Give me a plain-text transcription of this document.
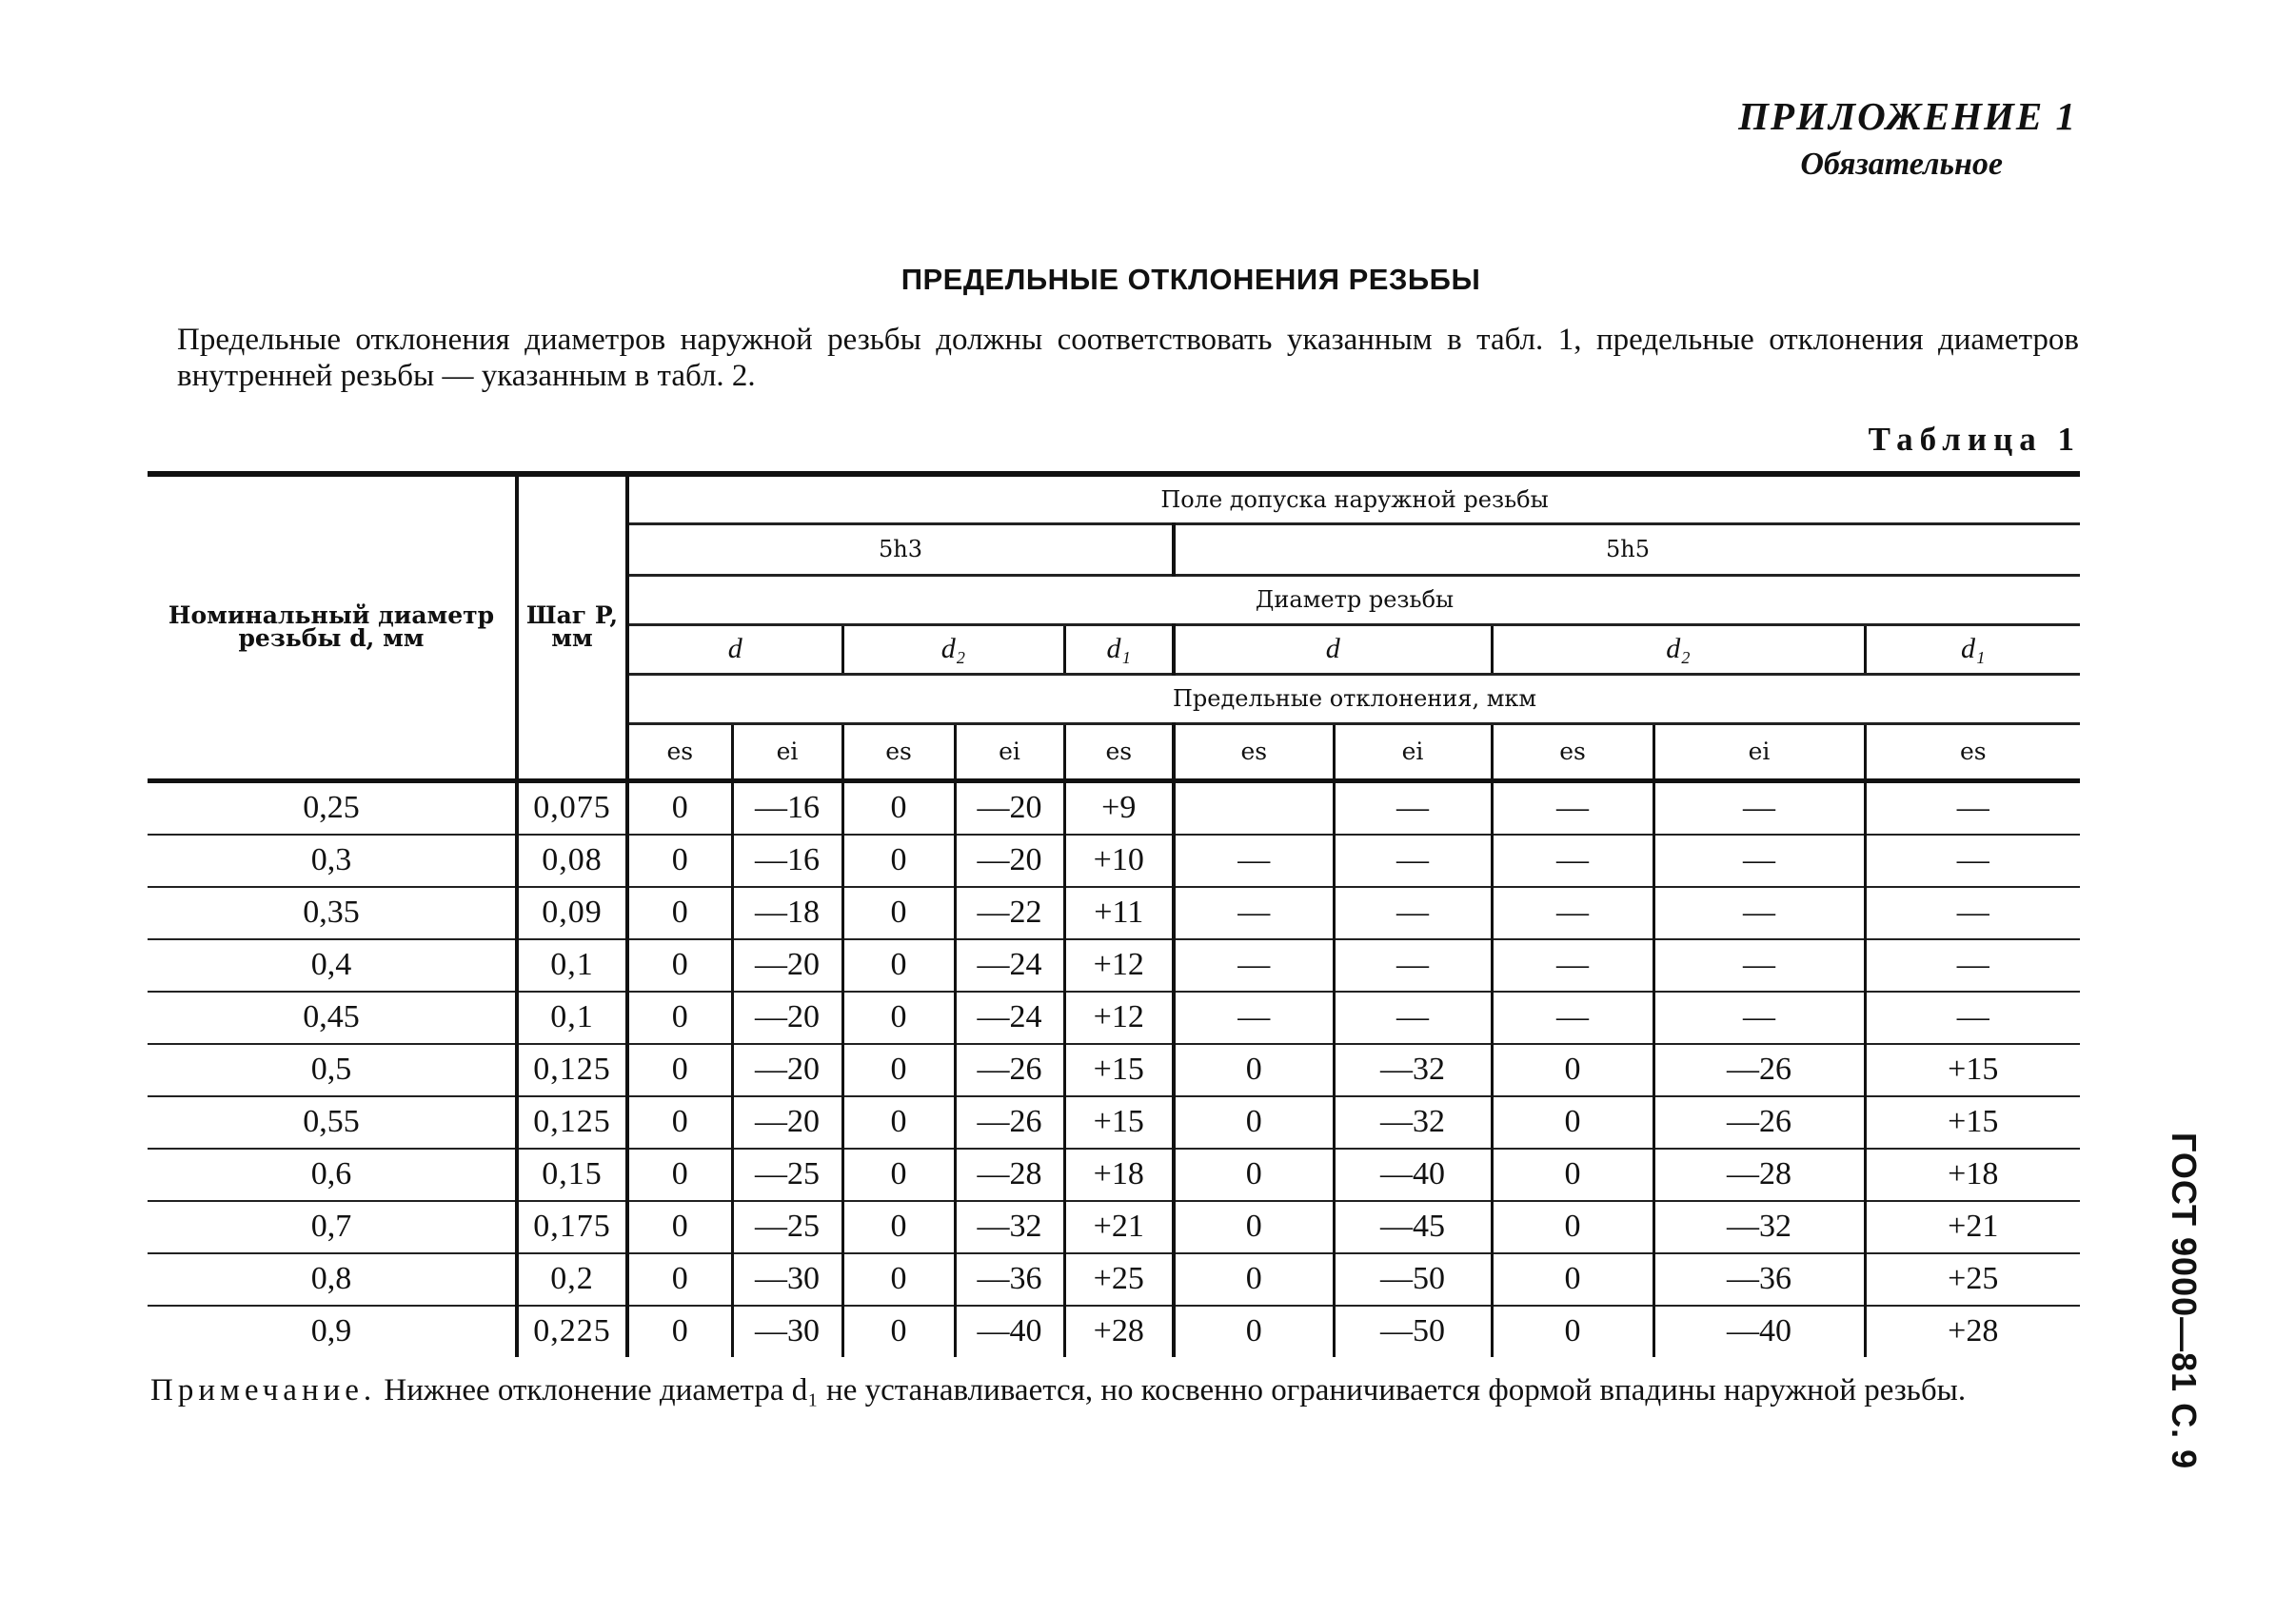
ПРИЛОЖЕНИЕ 1
Обязательное
ПРЕДЕЛЬНЫЕ ОТКЛОНЕНИЯ РЕЗЬБЫ
Предельные отклонения диаметров наружной резьбы должны соответствовать указанным в табл. 1, предельные отклонения диаметров внутренней резьбы — указанным в табл. 2.
Таблица 1
Номинальный диаметр резьбы d, мм	Шаг P, мм	Поле допуска наружной резьбы									
		5h3					5h5				
		Диаметр резьбы									
		d		d₂		d₁	d		d₂		d₁
		Предельные отклонения, мкм									
		es	ei	es	ei	es	es	ei	es	ei	es
0,25	0,075	0	—16	0	—20	+9		—	—	—	—
0,3	0,08	0	—16	0	—20	+10	—	—	—	—	—
0,35	0,09	0	—18	0	—22	+11	—	—	—	—	—
0,4	0,1	0	—20	0	—24	+12	—	—	—	—	—
0,45	0,1	0	—20	0	—24	+12	—	—	—	—	—
0,5	0,125	0	—20	0	—26	+15	0	—32	0	—26	+15
0,55	0,125	0	—20	0	—26	+15	0	—32	0	—26	+15
0,6	0,15	0	—25	0	—28	+18	0	—40	0	—28	+18
0,7	0,175	0	—25	0	—32	+21	0	—45	0	—32	+21
0,8	0,2	0	—30	0	—36	+25	0	—50	0	—36	+25
0,9	0,225	0	—30	0	—40	+28	0	—50	0	—40	+28
Примечание. Нижнее отклонение диаметра d₁ не устанавливается, но косвенно ограничивается формой впадины наружной резьбы.	ГОСТ 9000—81 С. 9
